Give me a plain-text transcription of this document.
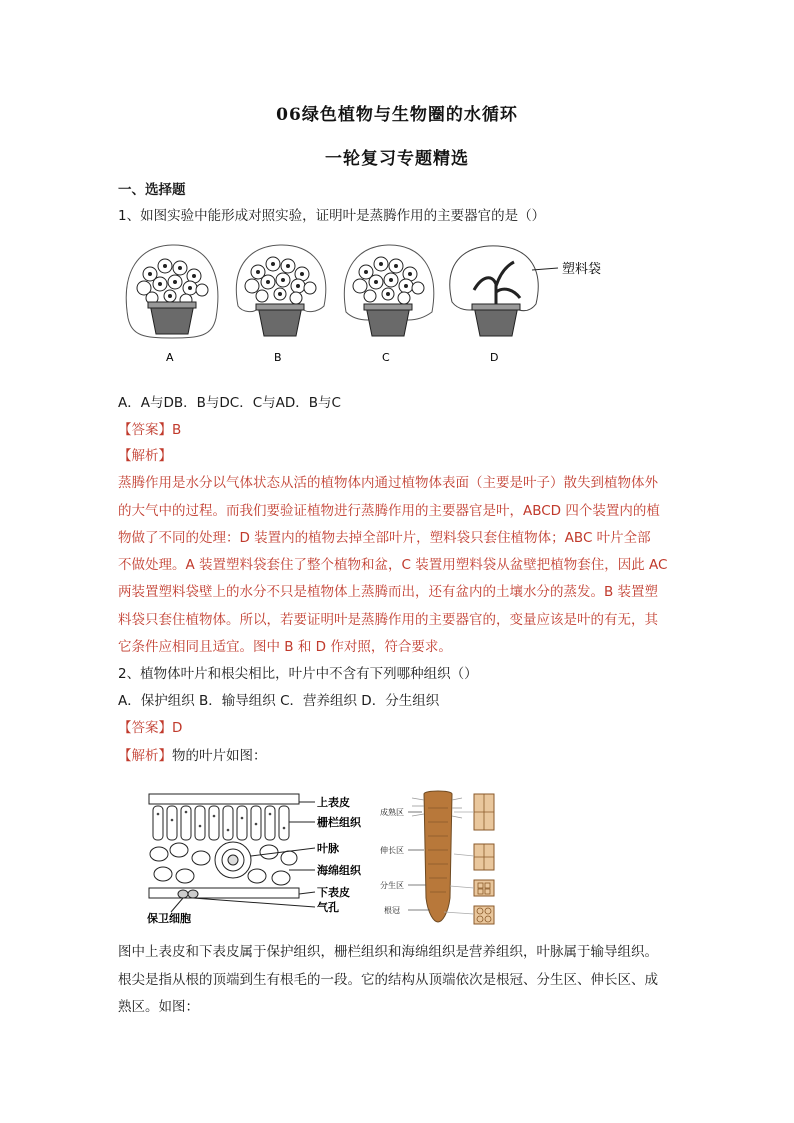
06绿色植物与生物圈的水循环
一轮复习专题精选
一、选择题
1、如图实验中能形成对照实验，证明叶是蒸腾作用的主要器官的是（）
A	B	C	D
塑料袋
A．A与DB．B与DC．C与AD．B与C
【答案】B
【解析】
蒸腾作用是水分以气体状态从活的植物体内通过植物体表面（主要是叶子）散失到植物体外
的大气中的过程。而我们要验证植物进行蒸腾作用的主要器官是叶，ABCD 四个装置内的植
物做了不同的处理：D 装置内的植物去掉全部叶片，塑料袋只套住植物体；ABC 叶片全部
不做处理。A 装置塑料袋套住了整个植物和盆，C 装置用塑料袋从盆壁把植物套住，因此 AC
两装置塑料袋壁上的水分不只是植物体上蒸腾而出，还有盆内的土壤水分的蒸发。B 装置塑
料袋只套住植物体。所以，若要证明叶是蒸腾作用的主要器官的，变量应该是叶的有无，其
它条件应相同且适宜。图中 B 和 D 作对照，符合要求。
2、植物体叶片和根尖相比，叶片中不含有下列哪种组织（）
A．保护组织 B．输导组织 C．营养组织 D．分生组织
【答案】D
【解析】物的叶片如图：
上表皮
栅栏组织
叶脉
海绵组织
下表皮
气孔
保卫细胞
成熟区
伸长区
分生区
根冠
图中上表皮和下表皮属于保护组织，栅栏组织和海绵组织是营养组织，叶脉属于输导组织。
根尖是指从根的顶端到生有根毛的一段。它的结构从顶端依次是根冠、分生区、伸长区、成
熟区。如图：
